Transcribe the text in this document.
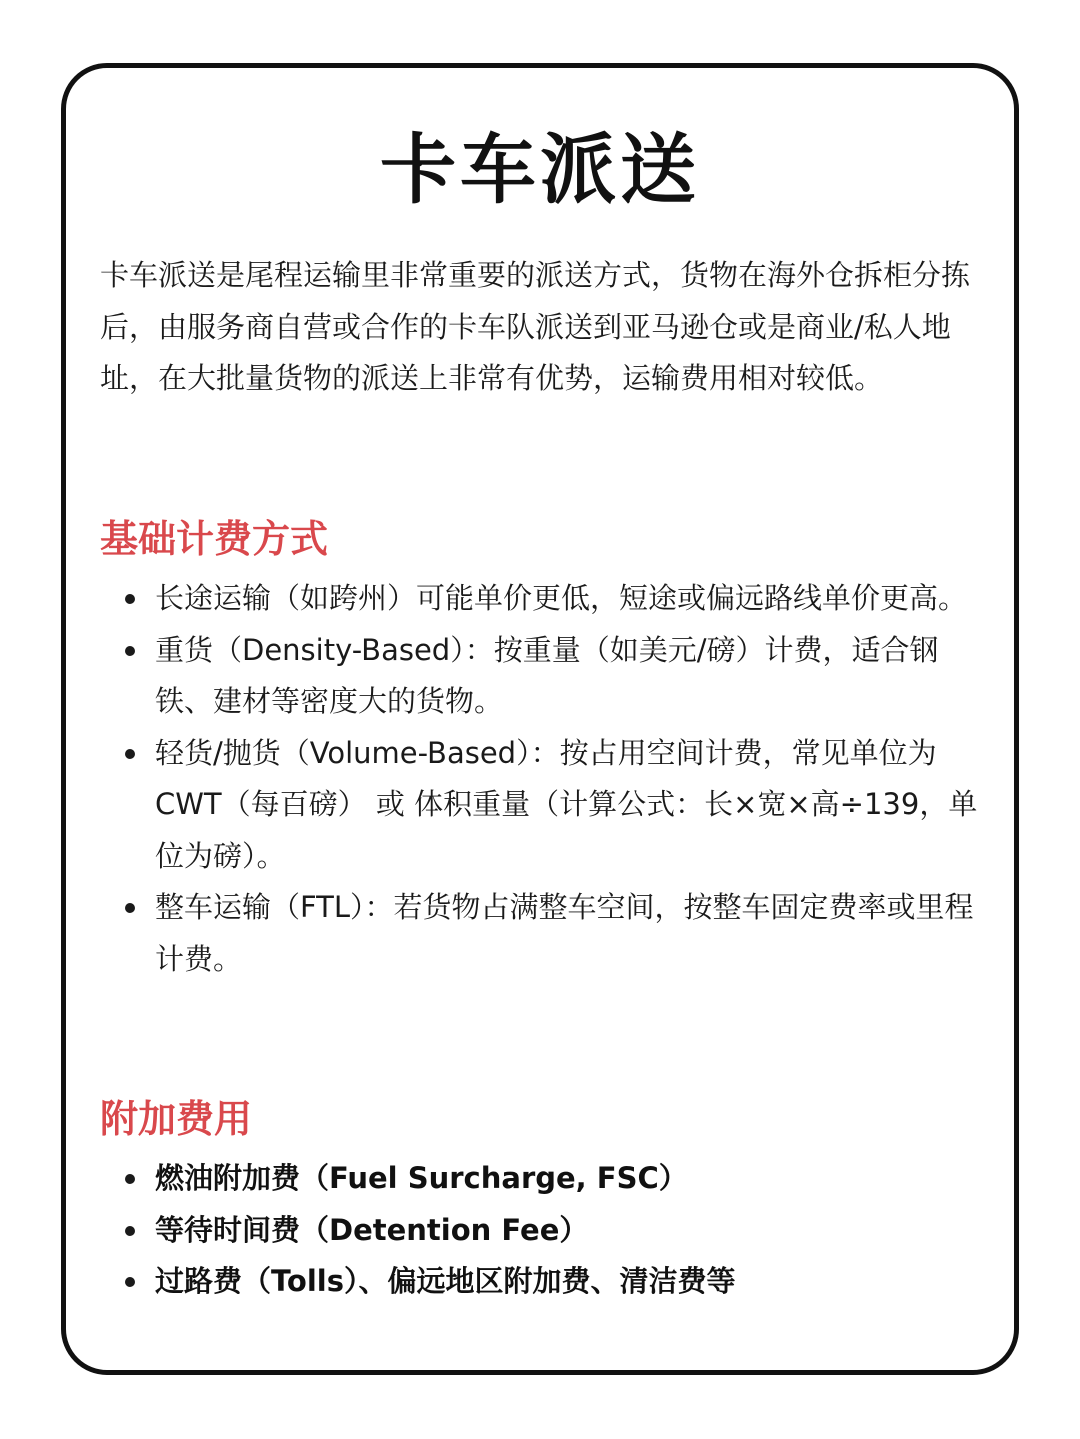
卡车派送

卡车派送是尾程运输里非常重要的派送方式，货物在海外仓拆柜分拣后，由服务商自营或合作的卡车队派送到亚马逊仓或是商业/私人地址，在大批量货物的派送上非常有优势，运输费用相对较低。

基础计费方式
长途运输（如跨州）可能单价更低，短途或偏远路线单价更高。
重货（Density-Based）：按重量（如美元/磅）计费，适合钢铁、建材等密度大的货物。
轻货/抛货（Volume-Based）：按占用空间计费，常见单位为 CWT（每百磅） 或 体积重量（计算公式：长×宽×高÷139，单位为磅）。
整车运输（FTL）：若货物占满整车空间，按整车固定费率或里程计费。
附加费用
燃油附加费（Fuel Surcharge, FSC）
等待时间费（Detention Fee）
过路费（Tolls）、偏远地区附加费、清洁费等
